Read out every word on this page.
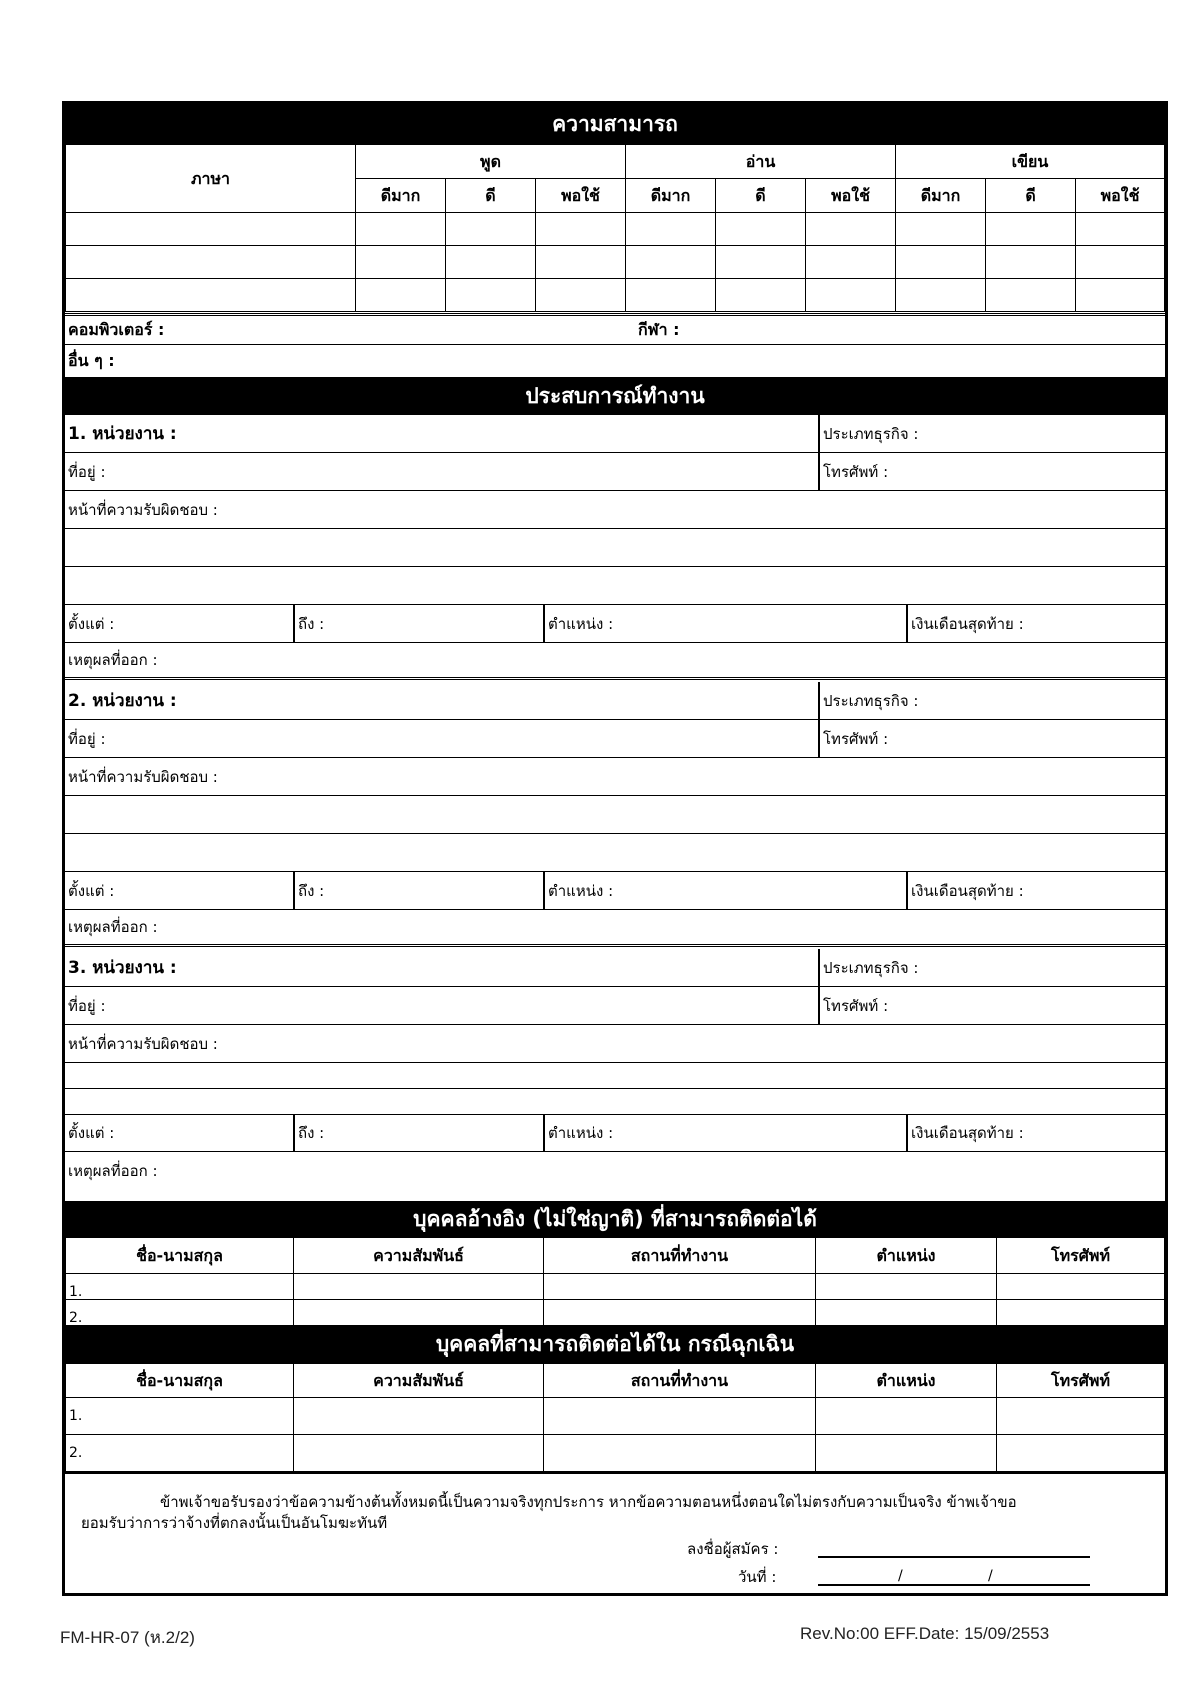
ความสามารถ
ภาษา	พูด			อ่าน			เขียน		
	ดีมาก	ดี	พอใช้	ดีมาก	ดี	พอใช้	ดีมาก	ดี	พอใช้

คอมพิวเตอร์ :	กีฬา :
อื่น ๆ :
ประสบการณ์ทำงาน
1. หน่วยงาน :	ประเภทธุรกิจ :
ที่อยู่ :	โทรศัพท์ :
หน้าที่ความรับผิดชอบ :
ตั้งแต่ :	ถึง :	ตำแหน่ง :	เงินเดือนสุดท้าย :
เหตุผลที่ออก :
2. หน่วยงาน :	ประเภทธุรกิจ :
ที่อยู่ :	โทรศัพท์ :
หน้าที่ความรับผิดชอบ :
ตั้งแต่ :	ถึง :	ตำแหน่ง :	เงินเดือนสุดท้าย :
เหตุผลที่ออก :
3. หน่วยงาน :	ประเภทธุรกิจ :
ที่อยู่ :	โทรศัพท์ :
หน้าที่ความรับผิดชอบ :
ตั้งแต่ :	ถึง :	ตำแหน่ง :	เงินเดือนสุดท้าย :
เหตุผลที่ออก :
บุคคลอ้างอิง (ไม่ใช่ญาติ) ที่สามารถติดต่อได้
ชื่อ-นามสกุล	ความสัมพันธ์	สถานที่ทำงาน	ตำแหน่ง	โทรศัพท์
1.				
2.				
บุคคลที่สามารถติดต่อได้ใน กรณีฉุกเฉิน
ชื่อ-นามสกุล	ความสัมพันธ์	สถานที่ทำงาน	ตำแหน่ง	โทรศัพท์
1.				
2.				
ข้าพเจ้าขอรับรองว่าข้อความข้างต้นทั้งหมดนี้เป็นความจริงทุกประการ หากข้อความตอนหนึ่งตอนใดไม่ตรงกับความเป็นจริง ข้าพเจ้าขอ
ยอมรับว่าการว่าจ้างที่ตกลงนั้นเป็นอันโมฆะทันที
ลงชื่อผู้สมัคร :
วันที่ :	/	/
FM-HR-07 (ห.2/2)	Rev.No:00 EFF.Date: 15/09/2553
